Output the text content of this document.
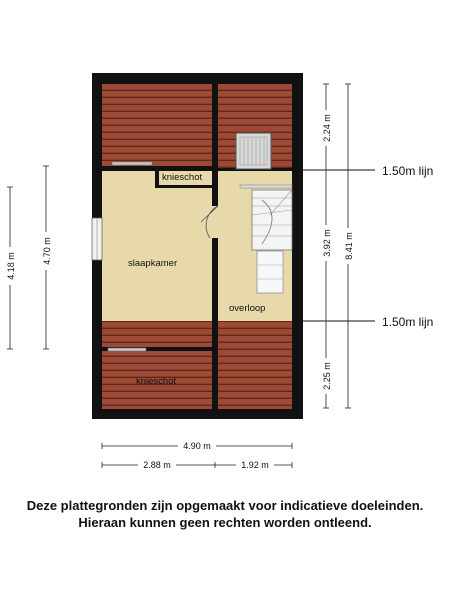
1.50m lijn
1.50m lijn
slaapkamer
overloop
knieschot
knieschot
4.70 m
4.18 m
2.24 m
3.92 m
2.25 m
8.41 m
4.90 m
2.88 m	1.92 m
Deze plattegronden zijn opgemaakt voor indicatieve doeleinden.
Hieraan kunnen geen rechten worden ontleend.
